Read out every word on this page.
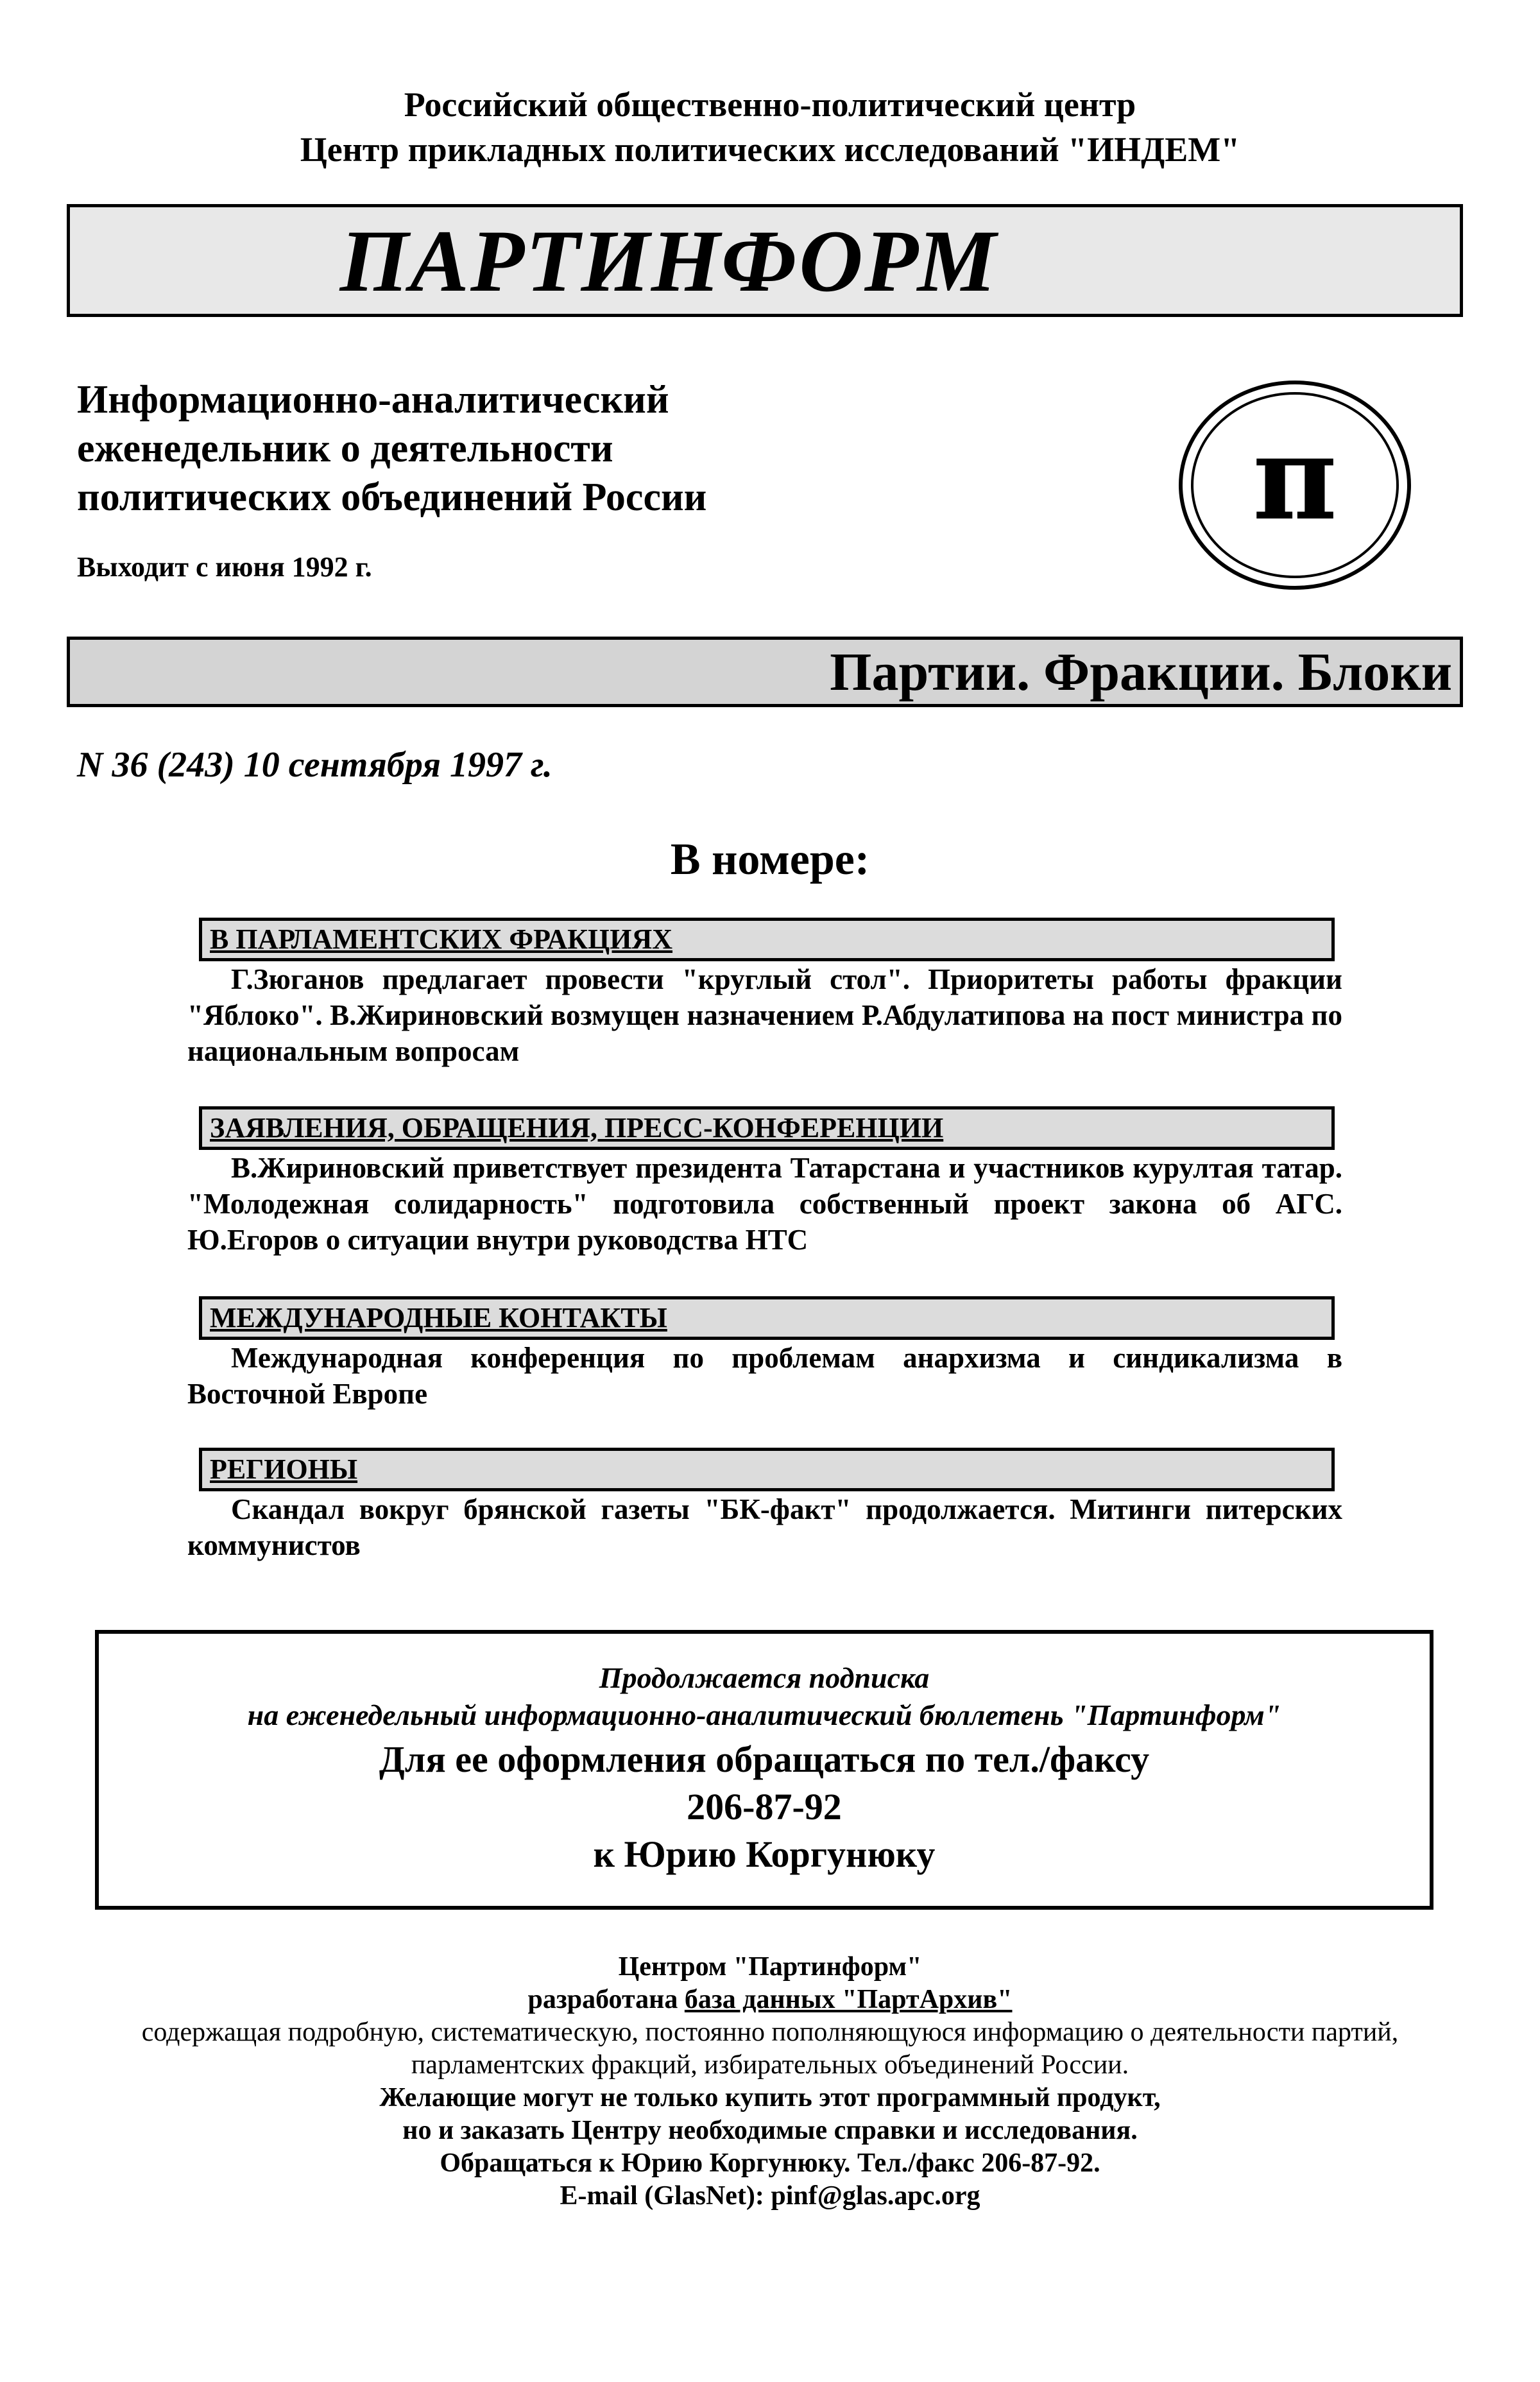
Российский общественно-политический центр
Центр прикладных политических исследований "ИНДЕМ"
ПАРТИНФОРМ
Информационно-аналитический
еженедельник о деятельности
политических объединений России
Выходит с июня 1992 г.
π
Партии. Фракции. Блоки
N 36 (243) 10 сентября 1997 г.
В номере:
В ПАРЛАМЕНТСКИХ ФРАКЦИЯХ
Г.Зюганов предлагает провести "круглый стол". Приоритеты работы фракции "Яблоко". В.Жириновский возмущен назначением Р.Абдулатипова на пост министра по национальным вопросам
ЗАЯВЛЕНИЯ, ОБРАЩЕНИЯ, ПРЕСС-КОНФЕРЕНЦИИ
В.Жириновский приветствует президента Татарстана и участников курултая татар. "Молодежная солидарность" подготовила собственный проект закона об АГС. Ю.Егоров о ситуации внутри руководства НТС
МЕЖДУНАРОДНЫЕ КОНТАКТЫ
Международная конференция по проблемам анархизма и синдикализма в Восточной Европе
РЕГИОНЫ
Скандал вокруг брянской газеты "БК-факт" продолжается. Митинги питерских коммунистов
Продолжается подписка
на еженедельный информационно-аналитический бюллетень "Партинформ"
Для ее оформления обращаться по тел./факсу
206-87-92
к Юрию Коргунюку
Центром "Партинформ"
разработана база данных "ПартАрхив"
содержащая подробную, систематическую, постоянно пополняющуюся информацию о деятельности партий,
парламентских фракций, избирательных объединений России.
Желающие могут не только купить этот программный продукт,
но и заказать Центру необходимые справки и исследования.
Обращаться к Юрию Коргунюку. Тел./факс 206-87-92.
E-mail (GlasNet): pinf@glas.apc.org
